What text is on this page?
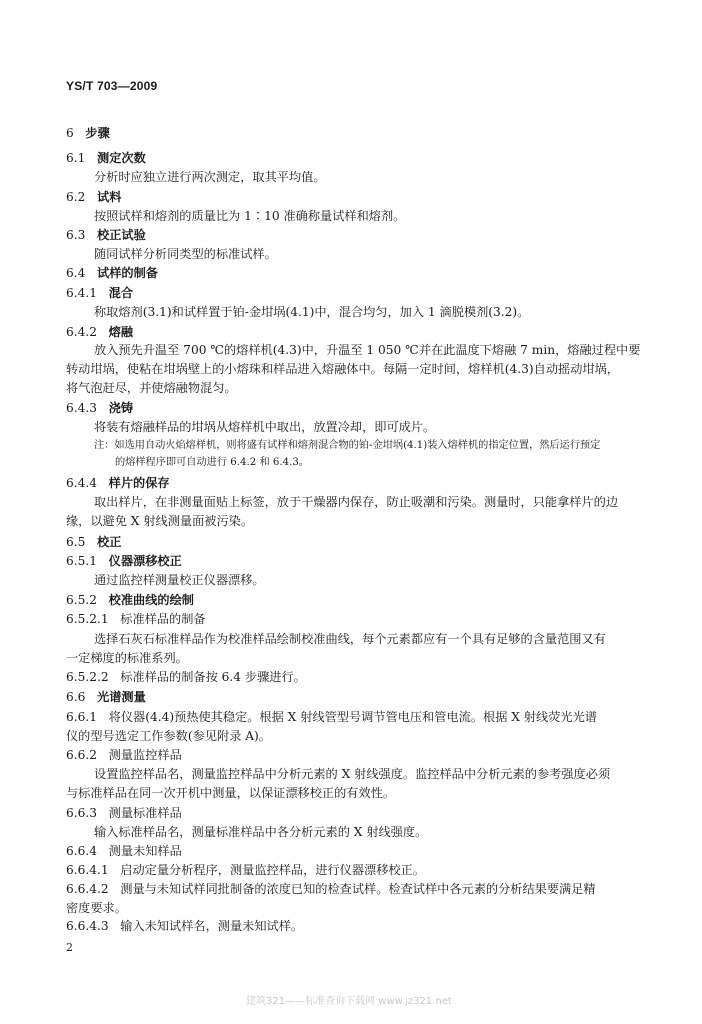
YS/T 703—2009
6 步骤
6.1 测定次数
分析时应独立进行两次测定，取其平均值。
6.2 试料
按照试样和熔剂的质量比为 1∶10 准确称量试样和熔剂。
6.3 校正试验
随同试样分析同类型的标准试样。
6.4 试样的制备
6.4.1 混合
称取熔剂(3.1)和试样置于铂-金坩埚(4.1)中，混合均匀，加入 1 滴脱模剂(3.2)。
6.4.2 熔融
放入预先升温至 700 ℃的熔样机(4.3)中，升温至 1 050 ℃并在此温度下熔融 7 min，熔融过程中要
转动坩埚，使粘在坩埚壁上的小熔珠和样品进入熔融体中。每隔一定时间，熔样机(4.3)自动摇动坩埚，
将气泡赶尽，并使熔融物混匀。
6.4.3 浇铸
将装有熔融样品的坩埚从熔样机中取出，放置冷却，即可成片。
注：如选用自动火焰熔样机，则将盛有试样和熔剂混合物的铂-金坩埚(4.1)装入熔样机的指定位置，然后运行预定
的熔样程序即可自动进行 6.4.2 和 6.4.3。
6.4.4 样片的保存
取出样片，在非测量面贴上标签，放于干燥器内保存，防止吸潮和污染。测量时，只能拿样片的边
缘，以避免 X 射线测量面被污染。
6.5 校正
6.5.1 仪器漂移校正
通过监控样测量校正仪器漂移。
6.5.2 校准曲线的绘制
6.5.2.1 标准样品的制备
选择石灰石标准样品作为校准样品绘制校准曲线，每个元素都应有一个具有足够的含量范围又有
一定梯度的标准系列。
6.5.2.2 标准样品的制备按 6.4 步骤进行。
6.6 光谱测量
6.6.1 将仪器(4.4)预热使其稳定。根据 X 射线管型号调节管电压和管电流。根据 X 射线荧光光谱
仪的型号选定工作参数(参见附录 A)。
6.6.2 测量监控样品
设置监控样品名，测量监控样品中分析元素的 X 射线强度。监控样品中分析元素的参考强度必须
与标准样品在同一次开机中测量，以保证漂移校正的有效性。
6.6.3 测量标准样品
输入标准样品名，测量标准样品中各分析元素的 X 射线强度。
6.6.4 测量未知样品
6.6.4.1 启动定量分析程序，测量监控样品，进行仪器漂移校正。
6.6.4.2 测量与未知试样同批制备的浓度已知的检查试样。检查试样中各元素的分析结果要满足精
密度要求。
6.6.4.3 输入未知试样名，测量未知试样。
2
建筑321——标准查询下载网 www.jz321.net
